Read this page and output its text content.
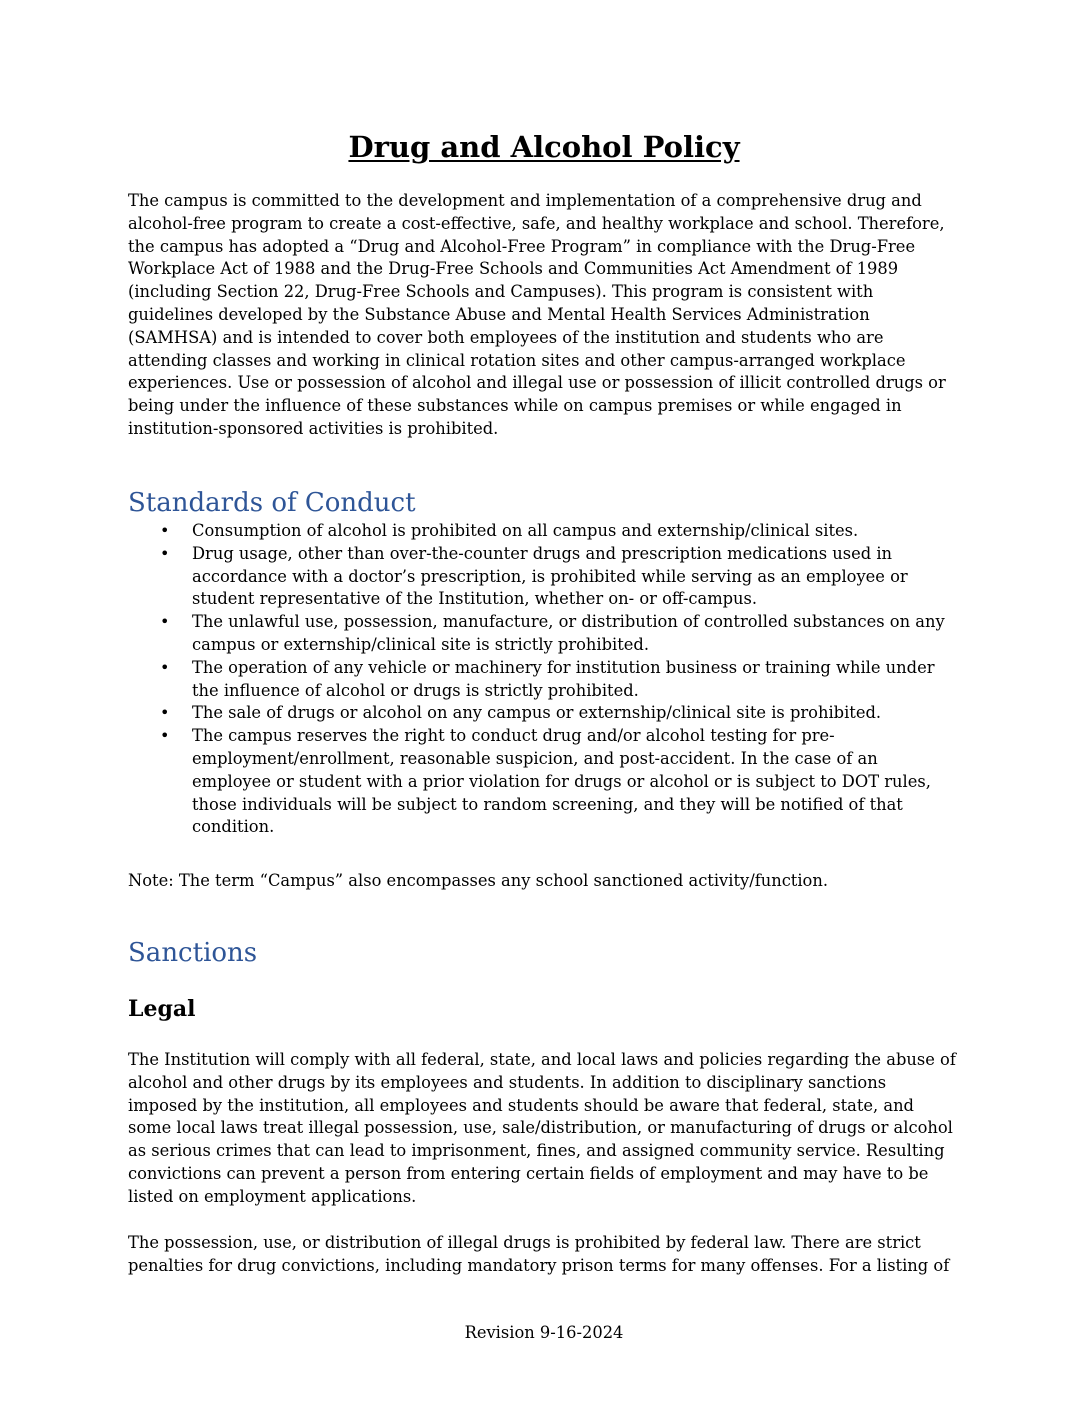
Drug and Alcohol Policy

The campus is committed to the development and implementation of a comprehensive drug and alcohol-free program to create a cost-effective, safe, and healthy workplace and school. Therefore, the campus has adopted a “Drug and Alcohol-Free Program” in compliance with the Drug-Free Workplace Act of 1988 and the Drug-Free Schools and Communities Act Amendment of 1989 (including Section 22, Drug-Free Schools and Campuses). This program is consistent with guidelines developed by the Substance Abuse and Mental Health Services Administration (SAMHSA) and is intended to cover both employees of the institution and students who are attending classes and working in clinical rotation sites and other campus-arranged workplace experiences. Use or possession of alcohol and illegal use or possession of illicit controlled drugs or being under the influence of these substances while on campus premises or while engaged in institution-sponsored activities is prohibited.

Standards of Conduct
• Consumption of alcohol is prohibited on all campus and externship/clinical sites.
• Drug usage, other than over-the-counter drugs and prescription medications used in accordance with a doctor’s prescription, is prohibited while serving as an employee or student representative of the Institution, whether on- or off-campus.
• The unlawful use, possession, manufacture, or distribution of controlled substances on any campus or externship/clinical site is strictly prohibited.
• The operation of any vehicle or machinery for institution business or training while under the influence of alcohol or drugs is strictly prohibited.
• The sale of drugs or alcohol on any campus or externship/clinical site is prohibited.
• The campus reserves the right to conduct drug and/or alcohol testing for pre-employment/enrollment, reasonable suspicion, and post-accident. In the case of an employee or student with a prior violation for drugs or alcohol or is subject to DOT rules, those individuals will be subject to random screening, and they will be notified of that condition.

Note: The term “Campus” also encompasses any school sanctioned activity/function.

Sanctions
Legal

The Institution will comply with all federal, state, and local laws and policies regarding the abuse of alcohol and other drugs by its employees and students. In addition to disciplinary sanctions imposed by the institution, all employees and students should be aware that federal, state, and some local laws treat illegal possession, use, sale/distribution, or manufacturing of drugs or alcohol as serious crimes that can lead to imprisonment, fines, and assigned community service. Resulting convictions can prevent a person from entering certain fields of employment and may have to be listed on employment applications.

The possession, use, or distribution of illegal drugs is prohibited by federal law. There are strict penalties for drug convictions, including mandatory prison terms for many offenses. For a listing of

Revision 9-16-2024
